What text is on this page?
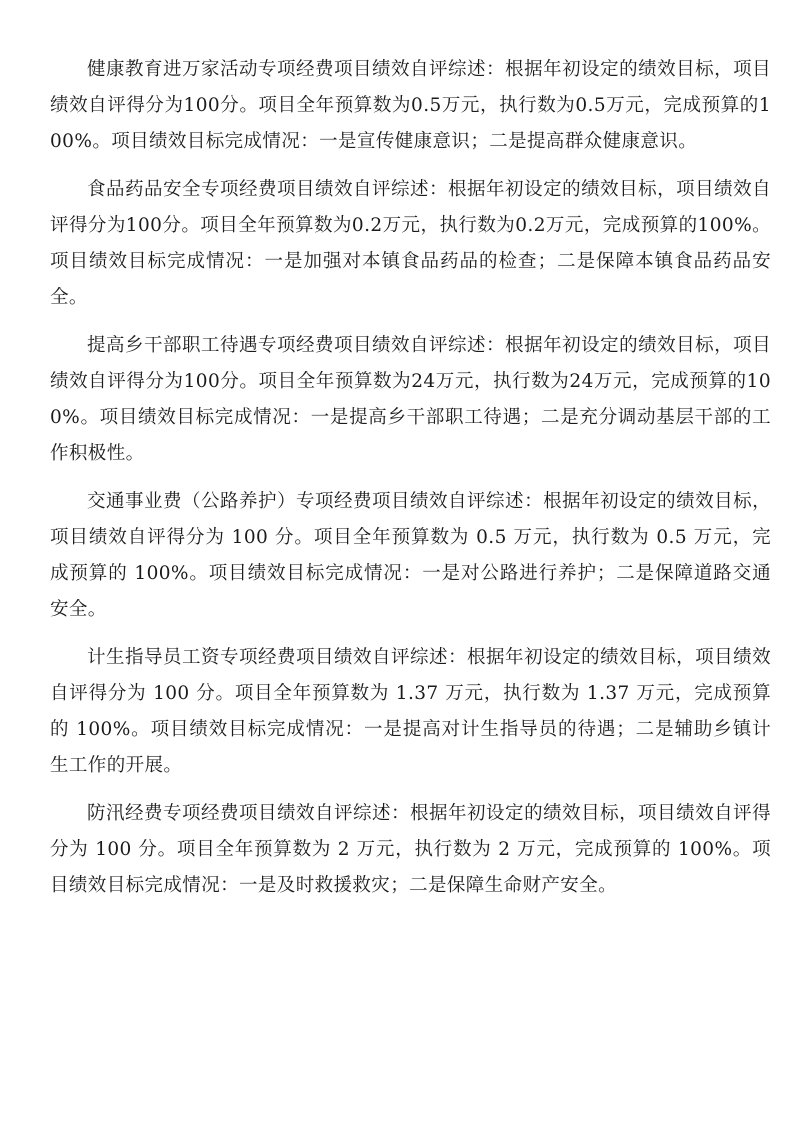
健康教育进万家活动专项经费项目绩效自评综述：根据年初设定的绩效目标，项目绩效自评得分为100分。项目全年预算数为0.5万元，执行数为0.5万元，完成预算的100%。项目绩效目标完成情况：一是宣传健康意识；二是提高群众健康意识。

食品药品安全专项经费项目绩效自评综述：根据年初设定的绩效目标，项目绩效自评得分为100分。项目全年预算数为0.2万元，执行数为0.2万元，完成预算的100%。项目绩效目标完成情况：一是加强对本镇食品药品的检查；二是保障本镇食品药品安全。

提高乡干部职工待遇专项经费项目绩效自评综述：根据年初设定的绩效目标，项目绩效自评得分为100分。项目全年预算数为24万元，执行数为24万元，完成预算的100%。项目绩效目标完成情况：一是提高乡干部职工待遇；二是充分调动基层干部的工作积极性。

交通事业费（公路养护）专项经费项目绩效自评综述：根据年初设定的绩效目标，项目绩效自评得分为 100 分。项目全年预算数为 0.5 万元，执行数为 0.5 万元，完成预算的 100%。项目绩效目标完成情况：一是对公路进行养护；二是保障道路交通安全。

计生指导员工资专项经费项目绩效自评综述：根据年初设定的绩效目标，项目绩效自评得分为 100 分。项目全年预算数为 1.37 万元，执行数为 1.37 万元，完成预算的 100%。项目绩效目标完成情况：一是提高对计生指导员的待遇；二是辅助乡镇计生工作的开展。

防汛经费专项经费项目绩效自评综述：根据年初设定的绩效目标，项目绩效自评得分为 100 分。项目全年预算数为 2 万元，执行数为 2 万元，完成预算的 100%。项目绩效目标完成情况：一是及时救援救灾；二是保障生命财产安全。
